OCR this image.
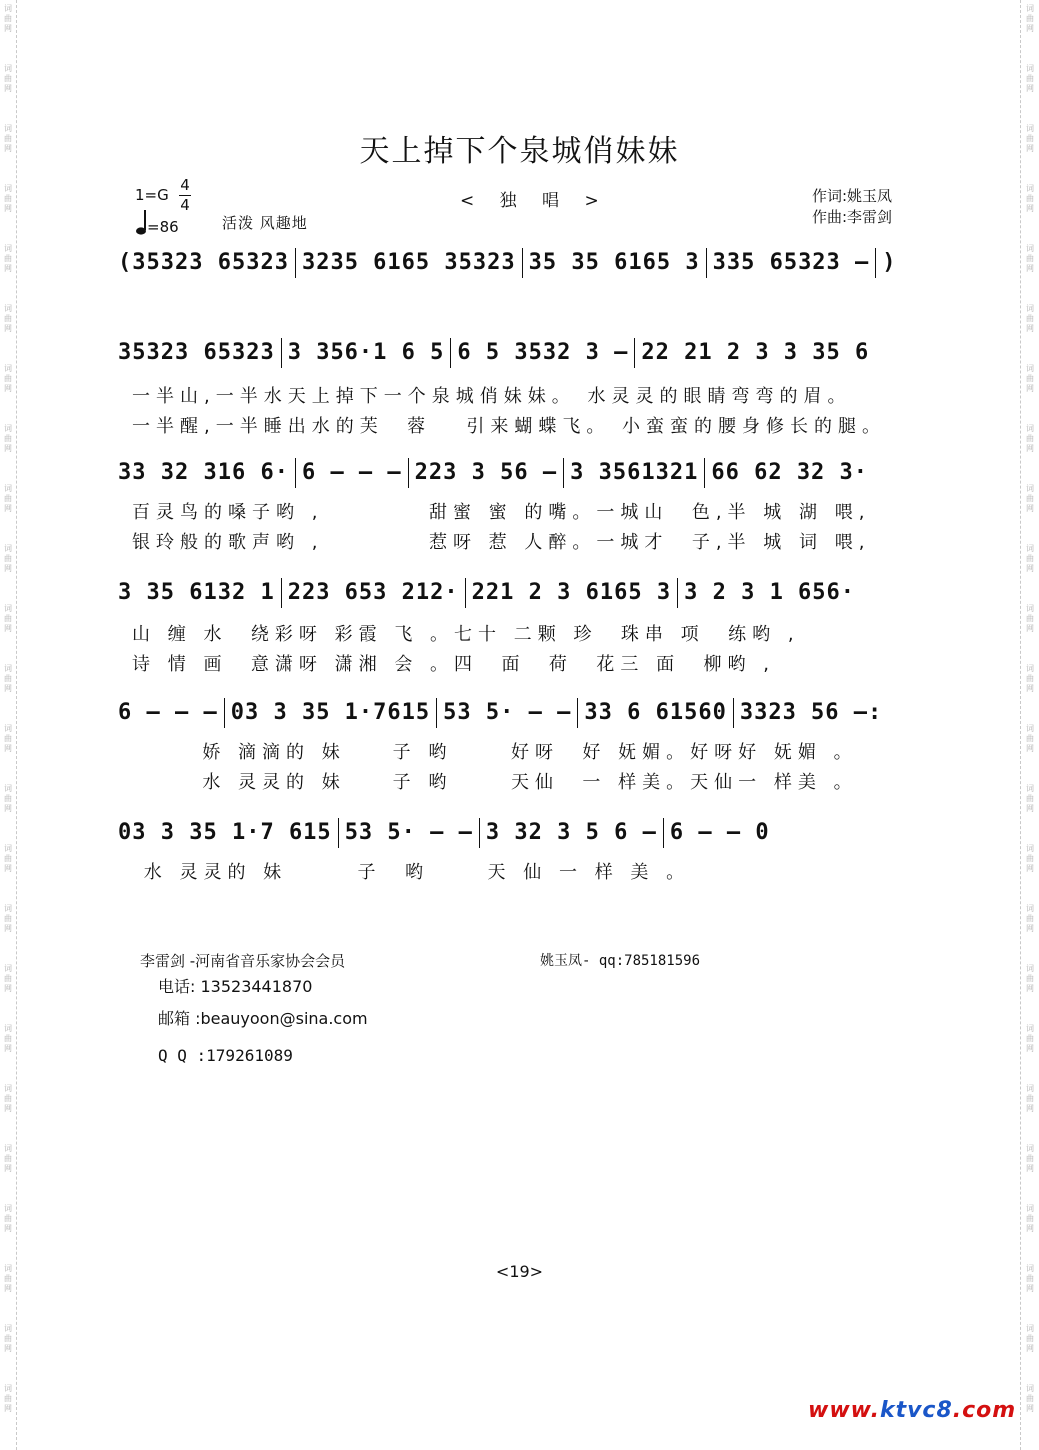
词
曲
网
词
曲
网
词
曲
网
词
曲
网
词
曲
网
词
曲
网
词
曲
网
词
曲
网
词
曲
网
词
曲
网
词
曲
网
词
曲
网
词
曲
网
词
曲
网
词
曲
网
词
曲
网
词
曲
网
词
曲
网
词
曲
网
词
曲
网
词
曲
网
词
曲
网
词
曲
网
词
曲
网
词
曲
网
词
曲
网
词
曲
网
词
曲
网
词
曲
网
词
曲
网
词
曲
网
词
曲
网
词
曲
网
词
曲
网
词
曲
网
词
曲
网
词
曲
网
词
曲
网
词
曲
网
词
曲
网
词
曲
网
词
曲
网
词
曲
网
词
曲
网
词
曲
网
词
曲
网
词
曲
网
词
曲
网
天上掉下个泉城俏妹妹
1=G
4
4
=86	活泼 风趣地
< 独 唱 >	作词:姚玉凤
作曲:李雷剑
(35323 65323 3235 6165 35323 35 35 6165 3 335 65323 – )
35323 65323 3 356·1 6 5 6 5 3532 3 – 22 21 2 3 3 35 6
一半山,一半水天上掉下一个泉城俏妹妹。 水灵灵的眼睛弯弯的眉。
一半醒,一半睡出水的芙  蓉   引来蝴蝶飞。 小蛮蛮的腰身修长的腿。
33 32 316 6· 6 – – – 223 3 56 – 3 3561321 66 62 32 3·
百灵鸟的嗓子哟 ,         甜蜜 蜜 的嘴。一城山  色,半 城 湖 喂,
银玲般的歌声哟 ,         惹呀 惹 人醉。一城才  子,半 城 词 喂,
3 35 6132 1 223 653 212· 221 2 3 6165 3 3 2 3 1 656·
山 缠 水  绕彩呀 彩霞 飞 。七十 二颗 珍  珠串 项  练哟 ,
诗 情 画  意潇呀 潇湘 会 。四  面  荷  花三 面  柳哟 ,
6 – – – 03 3 35 1·7615 53 5· – – 33 6 61560 3323 56 –:
娇 滴滴的 妹    子 哟     好呀  好 妩媚。好呀好 妩媚 。
水 灵灵的 妹    子 哟     天仙  一 样美。天仙一 样美 。
03 3 35 1·7 615 53 5· – – 3 32 3 5 6 – 6 – – 0
水 灵灵的 妹      子  哟     天 仙 一 样 美 。
李雷剑 -河南省音乐家协会会员	姚玉凤- qq:785181596
电话: 13523441870
邮箱 :beauyoon@sina.com
Q Q :179261089
<19>
www.ktvc8.com
